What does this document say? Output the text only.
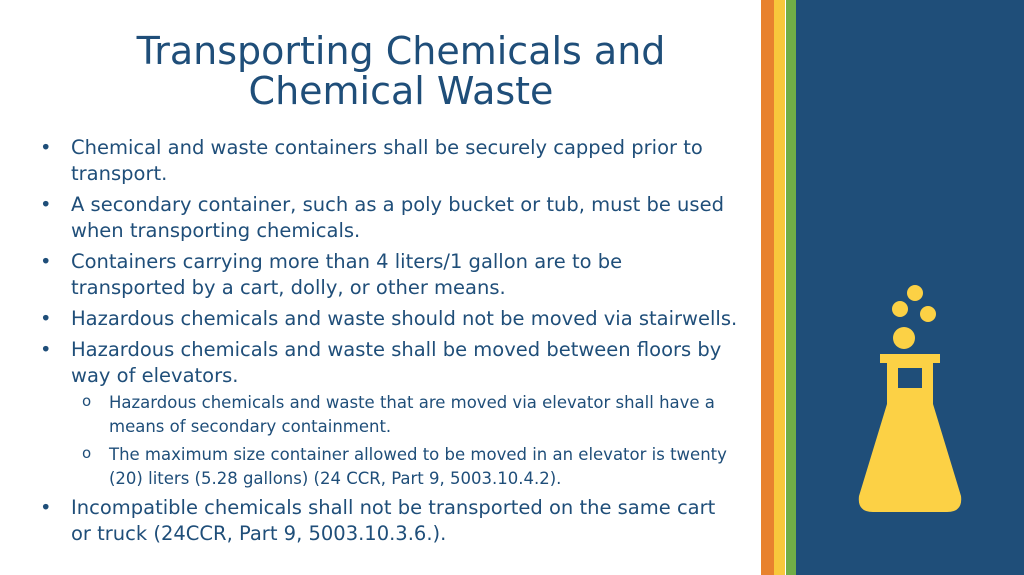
Transporting Chemicals and
Chemical Waste
• Chemical and waste containers shall be securely capped prior to transport.
• A secondary container, such as a poly bucket or tub, must be used when transporting chemicals.
• Containers carrying more than 4 liters/1 gallon are to be transported by a cart, dolly, or other means.
• Hazardous chemicals and waste should not be moved via stairwells.
• Hazardous chemicals and waste shall be moved between floors by way of elevators.
o Hazardous chemicals and waste that are moved via elevator shall have a means of secondary containment.
o The maximum size container allowed to be moved in an elevator is twenty (20) liters (5.28 gallons) (24 CCR, Part 9, 5003.10.4.2).
• Incompatible chemicals shall not be transported on the same cart or truck (24CCR, Part 9, 5003.10.3.6.).
